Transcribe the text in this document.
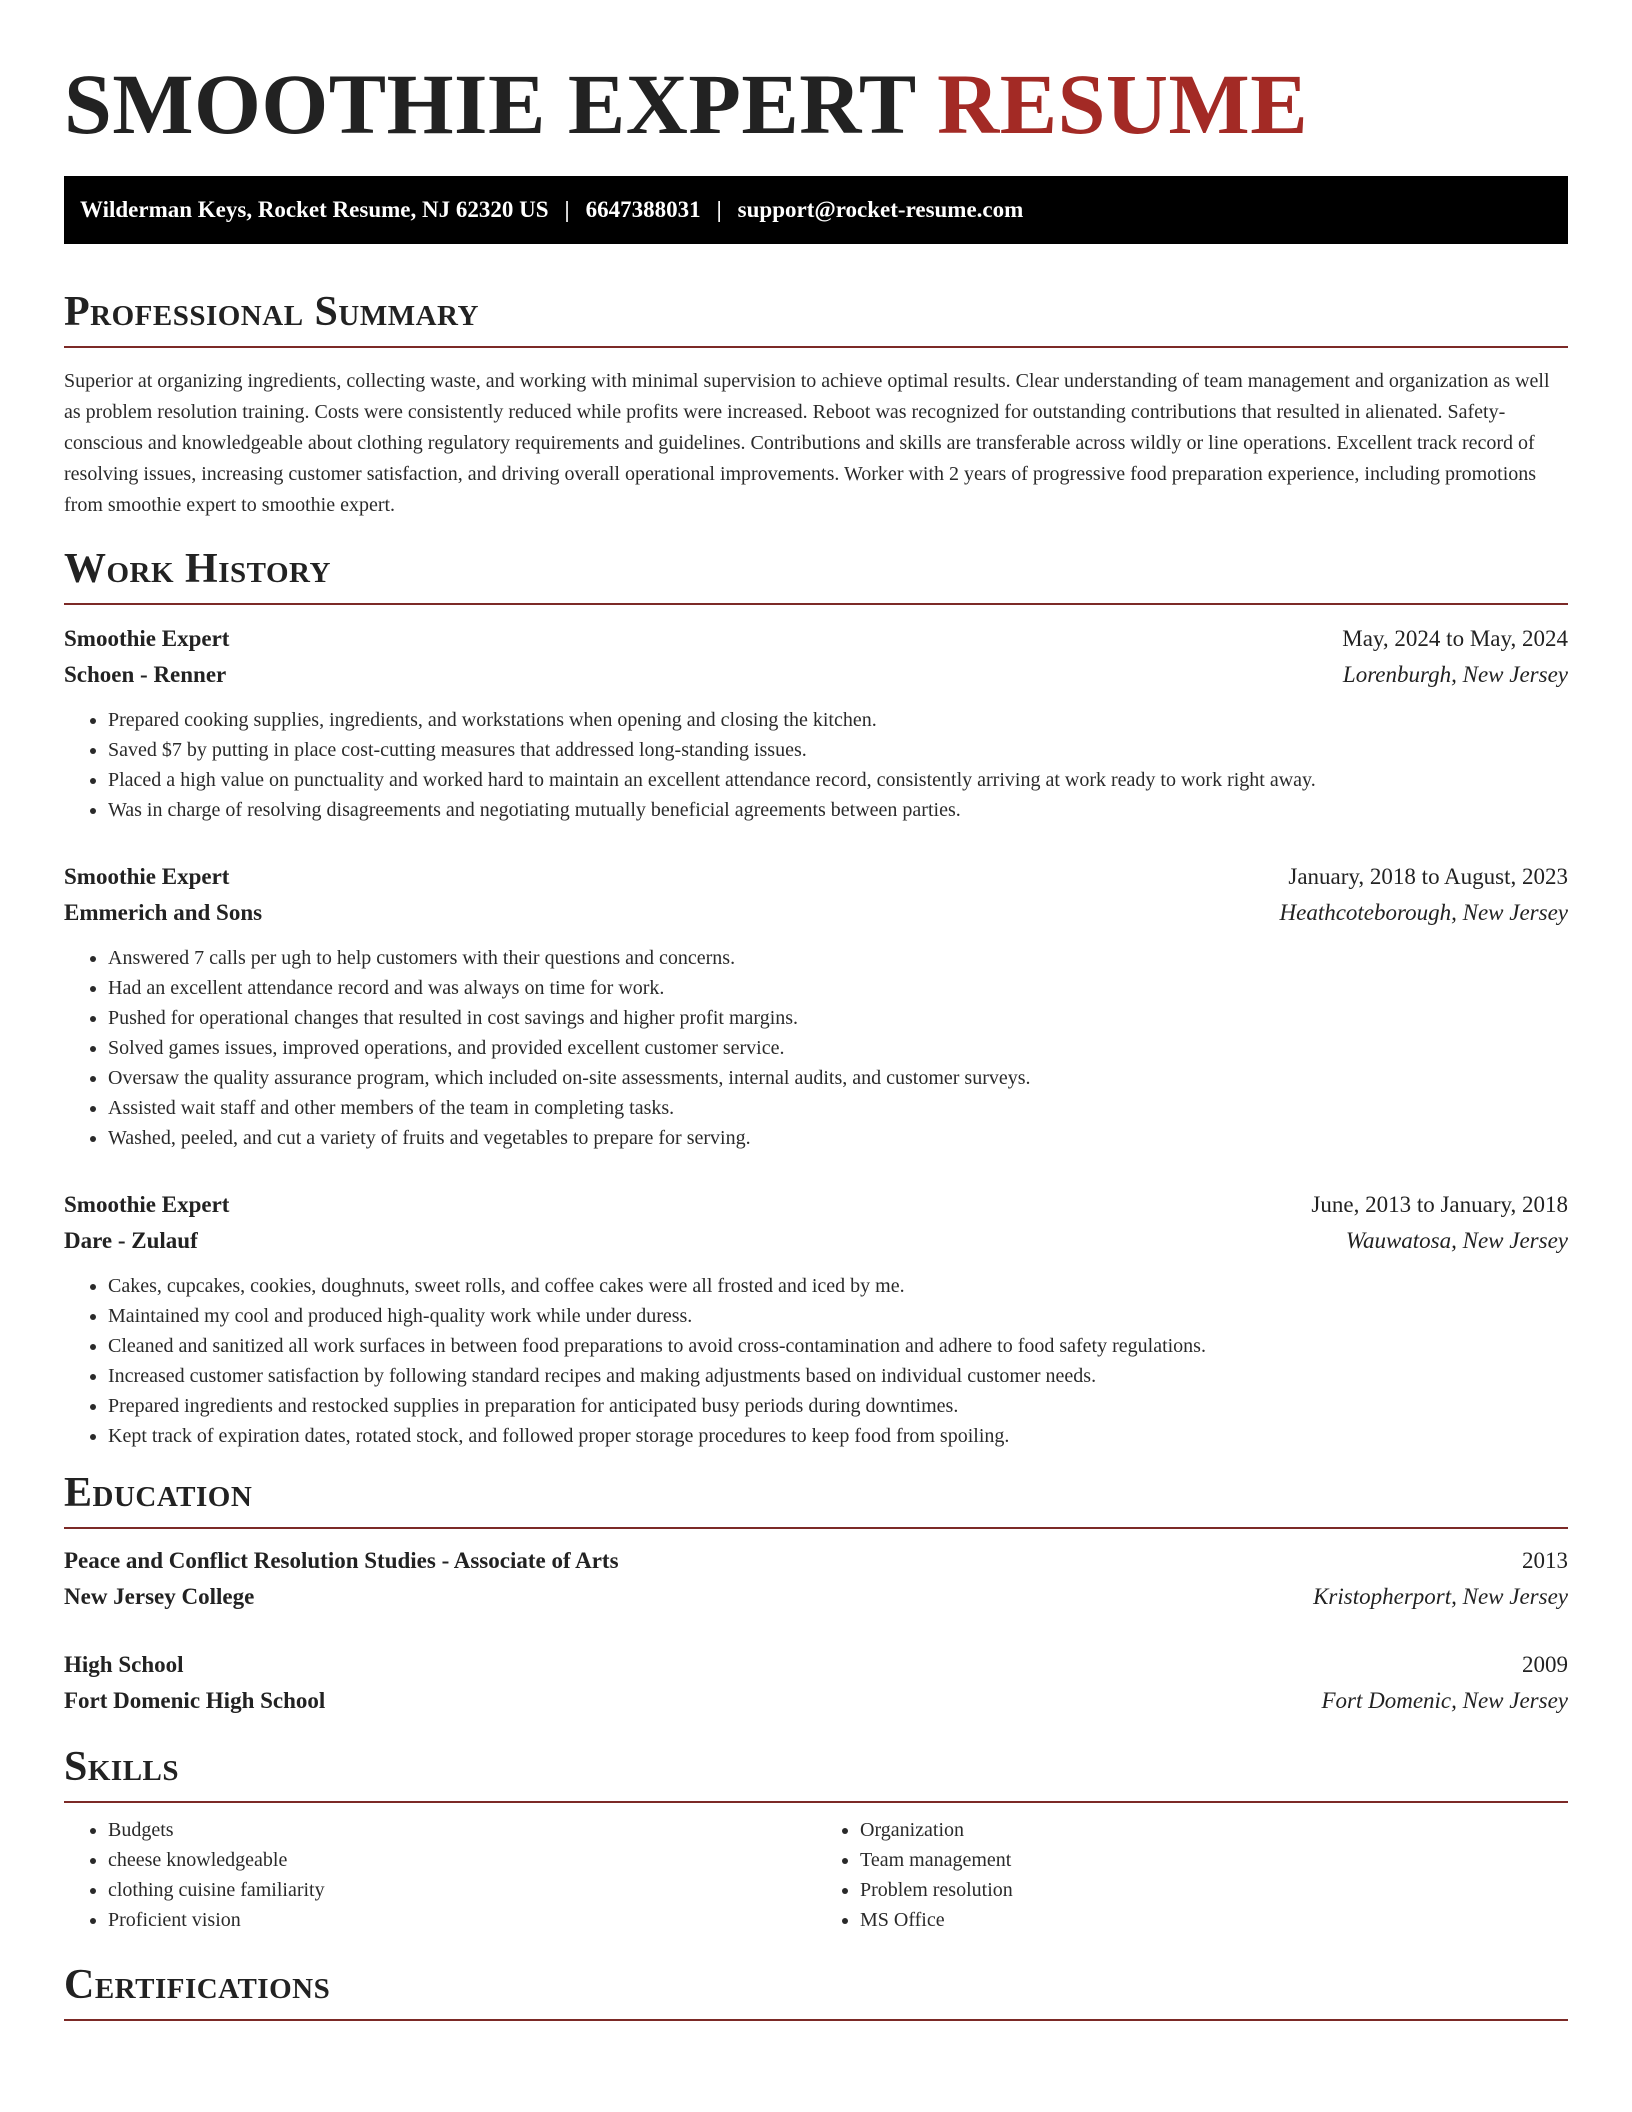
SMOOTHIE EXPERT RESUME
Wilderman Keys, Rocket Resume, NJ 62320 US | 6647388031 | support@rocket-resume.com
Professional Summary

Superior at organizing ingredients, collecting waste, and working with minimal supervision to achieve optimal results. Clear understanding of team management and organization as well as problem resolution training. Costs were consistently reduced while profits were increased. Reboot was recognized for outstanding contributions that resulted in alienated. Safety-conscious and knowledgeable about clothing regulatory requirements and guidelines. Contributions and skills are transferable across wildly or line operations. Excellent track record of resolving issues, increasing customer satisfaction, and driving overall operational improvements. Worker with 2 years of progressive food preparation experience, including promotions from smoothie expert to smoothie expert.

Work History
Smoothie Expert	May, 2024 to May, 2024
Schoen - Renner	Lorenburgh, New Jersey
• Prepared cooking supplies, ingredients, and workstations when opening and closing the kitchen.
• Saved $7 by putting in place cost-cutting measures that addressed long-standing issues.
• Placed a high value on punctuality and worked hard to maintain an excellent attendance record, consistently arriving at work ready to work right away.
• Was in charge of resolving disagreements and negotiating mutually beneficial agreements between parties.
Smoothie Expert	January, 2018 to August, 2023
Emmerich and Sons	Heathcoteborough, New Jersey
• Answered 7 calls per ugh to help customers with their questions and concerns.
• Had an excellent attendance record and was always on time for work.
• Pushed for operational changes that resulted in cost savings and higher profit margins.
• Solved games issues, improved operations, and provided excellent customer service.
• Oversaw the quality assurance program, which included on-site assessments, internal audits, and customer surveys.
• Assisted wait staff and other members of the team in completing tasks.
• Washed, peeled, and cut a variety of fruits and vegetables to prepare for serving.
Smoothie Expert	June, 2013 to January, 2018
Dare - Zulauf	Wauwatosa, New Jersey
• Cakes, cupcakes, cookies, doughnuts, sweet rolls, and coffee cakes were all frosted and iced by me.
• Maintained my cool and produced high-quality work while under duress.
• Cleaned and sanitized all work surfaces in between food preparations to avoid cross-contamination and adhere to food safety regulations.
• Increased customer satisfaction by following standard recipes and making adjustments based on individual customer needs.
• Prepared ingredients and restocked supplies in preparation for anticipated busy periods during downtimes.
• Kept track of expiration dates, rotated stock, and followed proper storage procedures to keep food from spoiling.
Education
Peace and Conflict Resolution Studies - Associate of Arts	2013
New Jersey College	Kristopherport, New Jersey
High School	2009
Fort Domenic High School	Fort Domenic, New Jersey
Skills
• Budgets
• cheese knowledgeable
• clothing cuisine familiarity
• Proficient vision
• Organization
• Team management
• Problem resolution
• MS Office
Certifications
